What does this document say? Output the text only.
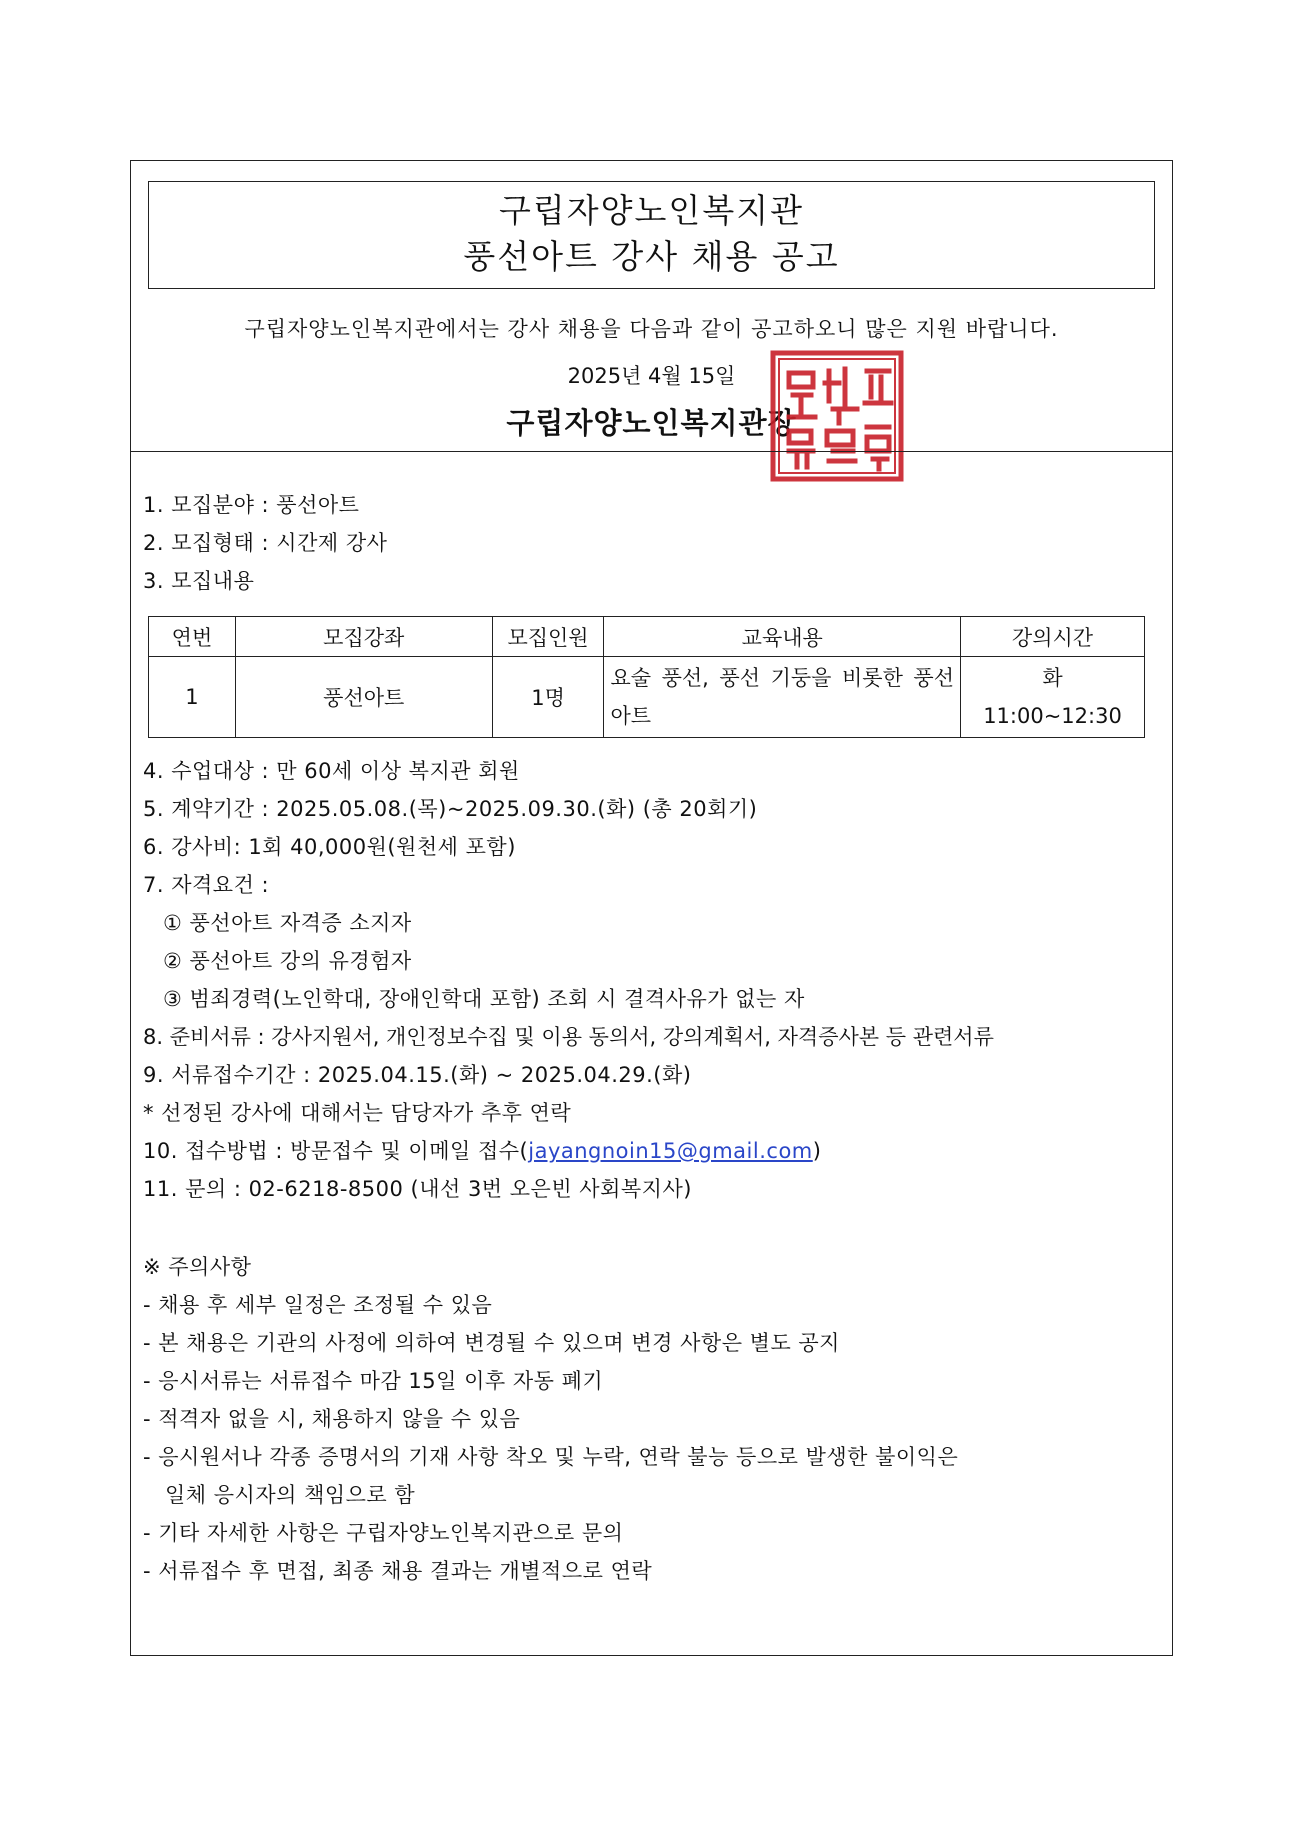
구립자양노인복지관
풍선아트 강사 채용 공고
구립자양노인복지관에서는 강사 채용을 다음과 같이 공고하오니 많은 지원 바랍니다.
2025년 4월 15일
구립자양노인복지관장
1. 모집분야 : 풍선아트
2. 모집형태 : 시간제 강사
3. 모집내용
연번	모집강좌	모집인원	교육내용	강의시간
1	풍선아트	1명	요술 풍선, 풍선 기둥을 비롯한 풍선아트	화
11:00~12:30
4. 수업대상 : 만 60세 이상 복지관 회원
5. 계약기간 : 2025.05.08.(목)~2025.09.30.(화) (총 20회기)
6. 강사비: 1회 40,000원(원천세 포함)
7. 자격요건 :
① 풍선아트 자격증 소지자
② 풍선아트 강의 유경험자
③ 범죄경력(노인학대, 장애인학대 포함) 조회 시 결격사유가 없는 자
8. 준비서류 : 강사지원서, 개인정보수집 및 이용 동의서, 강의계획서, 자격증사본 등 관련서류
9. 서류접수기간 : 2025.04.15.(화) ~ 2025.04.29.(화)
* 선정된 강사에 대해서는 담당자가 추후 연락
10. 접수방법 : 방문접수 및 이메일 접수(jayangnoin15@gmail.com)
11. 문의 : 02-6218-8500 (내선 3번 오은빈 사회복지사)
※ 주의사항
- 채용 후 세부 일정은 조정될 수 있음
- 본 채용은 기관의 사정에 의하여 변경될 수 있으며 변경 사항은 별도 공지
- 응시서류는 서류접수 마감 15일 이후 자동 폐기
- 적격자 없을 시, 채용하지 않을 수 있음
- 응시원서나 각종 증명서의 기재 사항 착오 및 누락, 연락 불능 등으로 발생한 불이익은
일체 응시자의 책임으로 함
- 기타 자세한 사항은 구립자양노인복지관으로 문의
- 서류접수 후 면접, 최종 채용 결과는 개별적으로 연락
